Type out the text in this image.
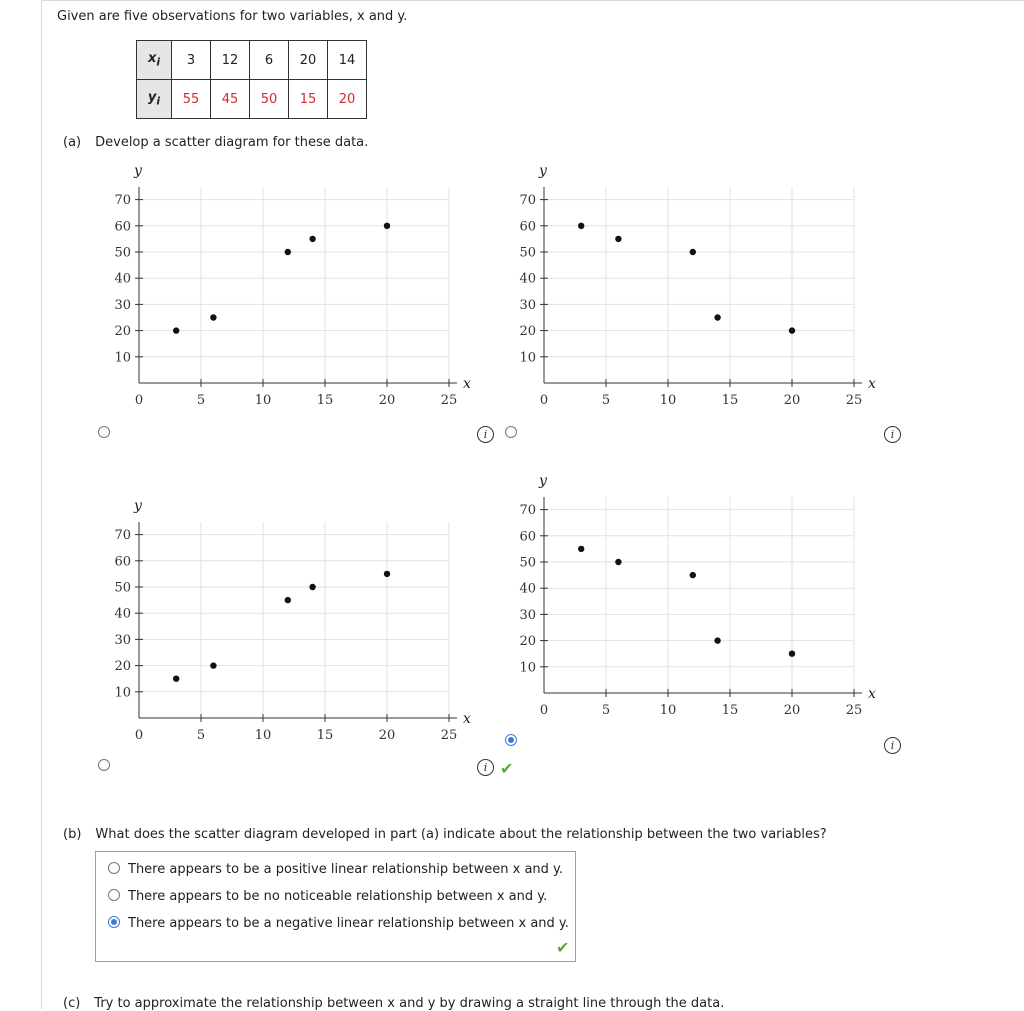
Given are five observations for two variables, x and y.
$x_i$	3	12	6	20	14
$y_i$	55	45	50	15	20
(a) Develop a scatter diagram for these data.
10
20
30
40
50
60
70
0	5	10	15	20	25
y
x
10
20
30
40
50
60
70
0	5	10	15	20	25
y
x
10
20
30
40
50
60
70
0	5	10	15	20	25
y
x
10
20
30
40
50
60
70
0	5	10	15	20	25
y
x
i	i
i
i
✔
(b) What does the scatter diagram developed in part (a) indicate about the relationship between the two variables?
There appears to be a positive linear relationship between x and y.
There appears to be no noticeable relationship between x and y.
There appears to be a negative linear relationship between x and y.
✔
(c) Try to approximate the relationship between x and y by drawing a straight line through the data.
